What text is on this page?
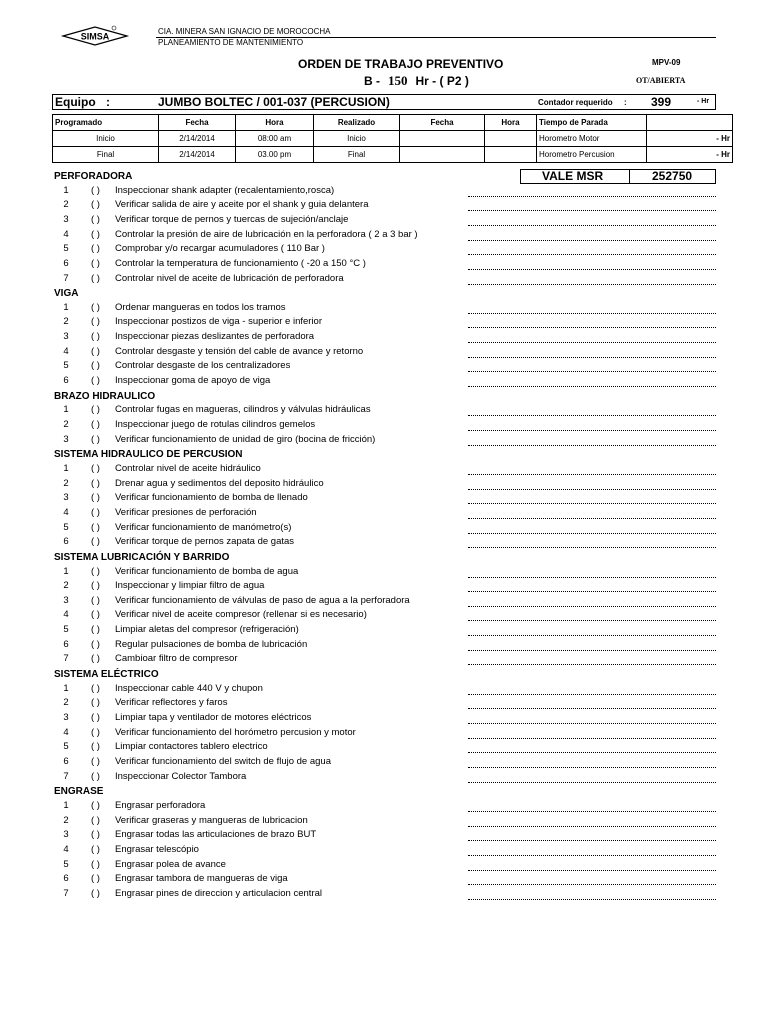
SIMSA	CIA. MINERA SAN IGNACIO DE MOROCOCHA
PLANEAMIENTO DE MANTENIMIENTO
ORDEN DE TRABAJO PREVENTIVO	MPV-09
B - 150 Hr - ( P2 )	OT/ABIERTA
Equipo :	JUMBO BOLTEC / 001-037 (PERCUSION)	Contador requerido : 399	- Hr
Programado	Fecha	Hora	Realizado	Fecha	Hora	Tiempo de Parada	
Inicio	2/14/2014	08:00 am	Inicio			Horometro Motor	- Hr
Final	2/14/2014	03.00 pm	Final			Horometro Percusion	- Hr
VALE MSR	252750
PERFORADORA
1	( ) Inspeccionar shank adapter (recalentamiento,rosca)
2	( ) Verificar salida de aire y aceite por el shank y guia delantera
3	( ) Verificar torque de pernos y tuercas de sujeción/anclaje
4	( ) Controlar la presión de aire de lubricación en la perforadora ( 2 a 3 bar )
5	( ) Comprobar y/o recargar acumuladores ( 110 Bar )
6	( ) Controlar la temperatura de funcionamiento ( -20 a 150 °C )
7	( ) Controlar nivel de aceite de lubricación de perforadora
VIGA
1	( ) Ordenar mangueras en todos los tramos
2	( ) Inspeccionar postizos de viga - superior e inferior
3	( ) Inspeccionar piezas deslizantes de perforadora
4	( ) Controlar desgaste y tensión del cable de avance y retorno
5	( ) Controlar desgaste de los centralizadores
6	( ) Inspeccionar goma de apoyo de viga
BRAZO HIDRAULICO
1	( ) Controlar fugas en magueras, cilindros y válvulas hidráulicas
2	( ) Inspeccionar juego de rotulas cilindros gemelos
3	( ) Verificar funcionamiento de unidad de giro (bocina de fricción)
SISTEMA HIDRAULICO DE PERCUSION
1	( ) Controlar nivel de aceite hidráulico
2	( ) Drenar agua y sedimentos del deposito hidráulico
3	( ) Verificar funcionamiento de bomba de llenado
4	( ) Verificar presiones de perforación
5	( ) Verificar funcionamiento de manómetro(s)
6	( ) Verificar torque de pernos zapata de gatas
SISTEMA LUBRICACIÓN Y BARRIDO
1	( ) Verificar funcionamiento de bomba de agua
2	( ) Inspeccionar y limpiar filtro de agua
3	( ) Verificar funcionamiento de válvulas de paso de agua a la perforadora
4	( ) Verificar nivel de aceite compresor (rellenar si es necesario)
5	( ) Limpiar aletas del compresor (refrigeración)
6	( ) Regular pulsaciones de bomba de lubricación
7	( ) Cambioar filtro de compresor
SISTEMA ELÉCTRICO
1	( ) Inspeccionar cable 440 V y chupon
2	( ) Verificar reflectores y faros
3	( ) Limpiar tapa y ventilador de motores eléctricos
4	( ) Verificar funcionamiento del horómetro percusion y motor
5	( ) Limpiar contactores tablero electrico
6	( ) Verificar funcionamiento del switch de flujo de agua
7	( ) Inspeccionar Colector Tambora
ENGRASE
1	( ) Engrasar perforadora
2	( ) Verificar graseras y mangueras de lubricacion
3	( ) Engrasar todas las articulaciones de brazo BUT
4	( ) Engrasar telescópio
5	( ) Engrasar polea de avance
6	( ) Engrasar tambora de mangueras de viga
7	( ) Engrasar pines de direccion y articulacion central
